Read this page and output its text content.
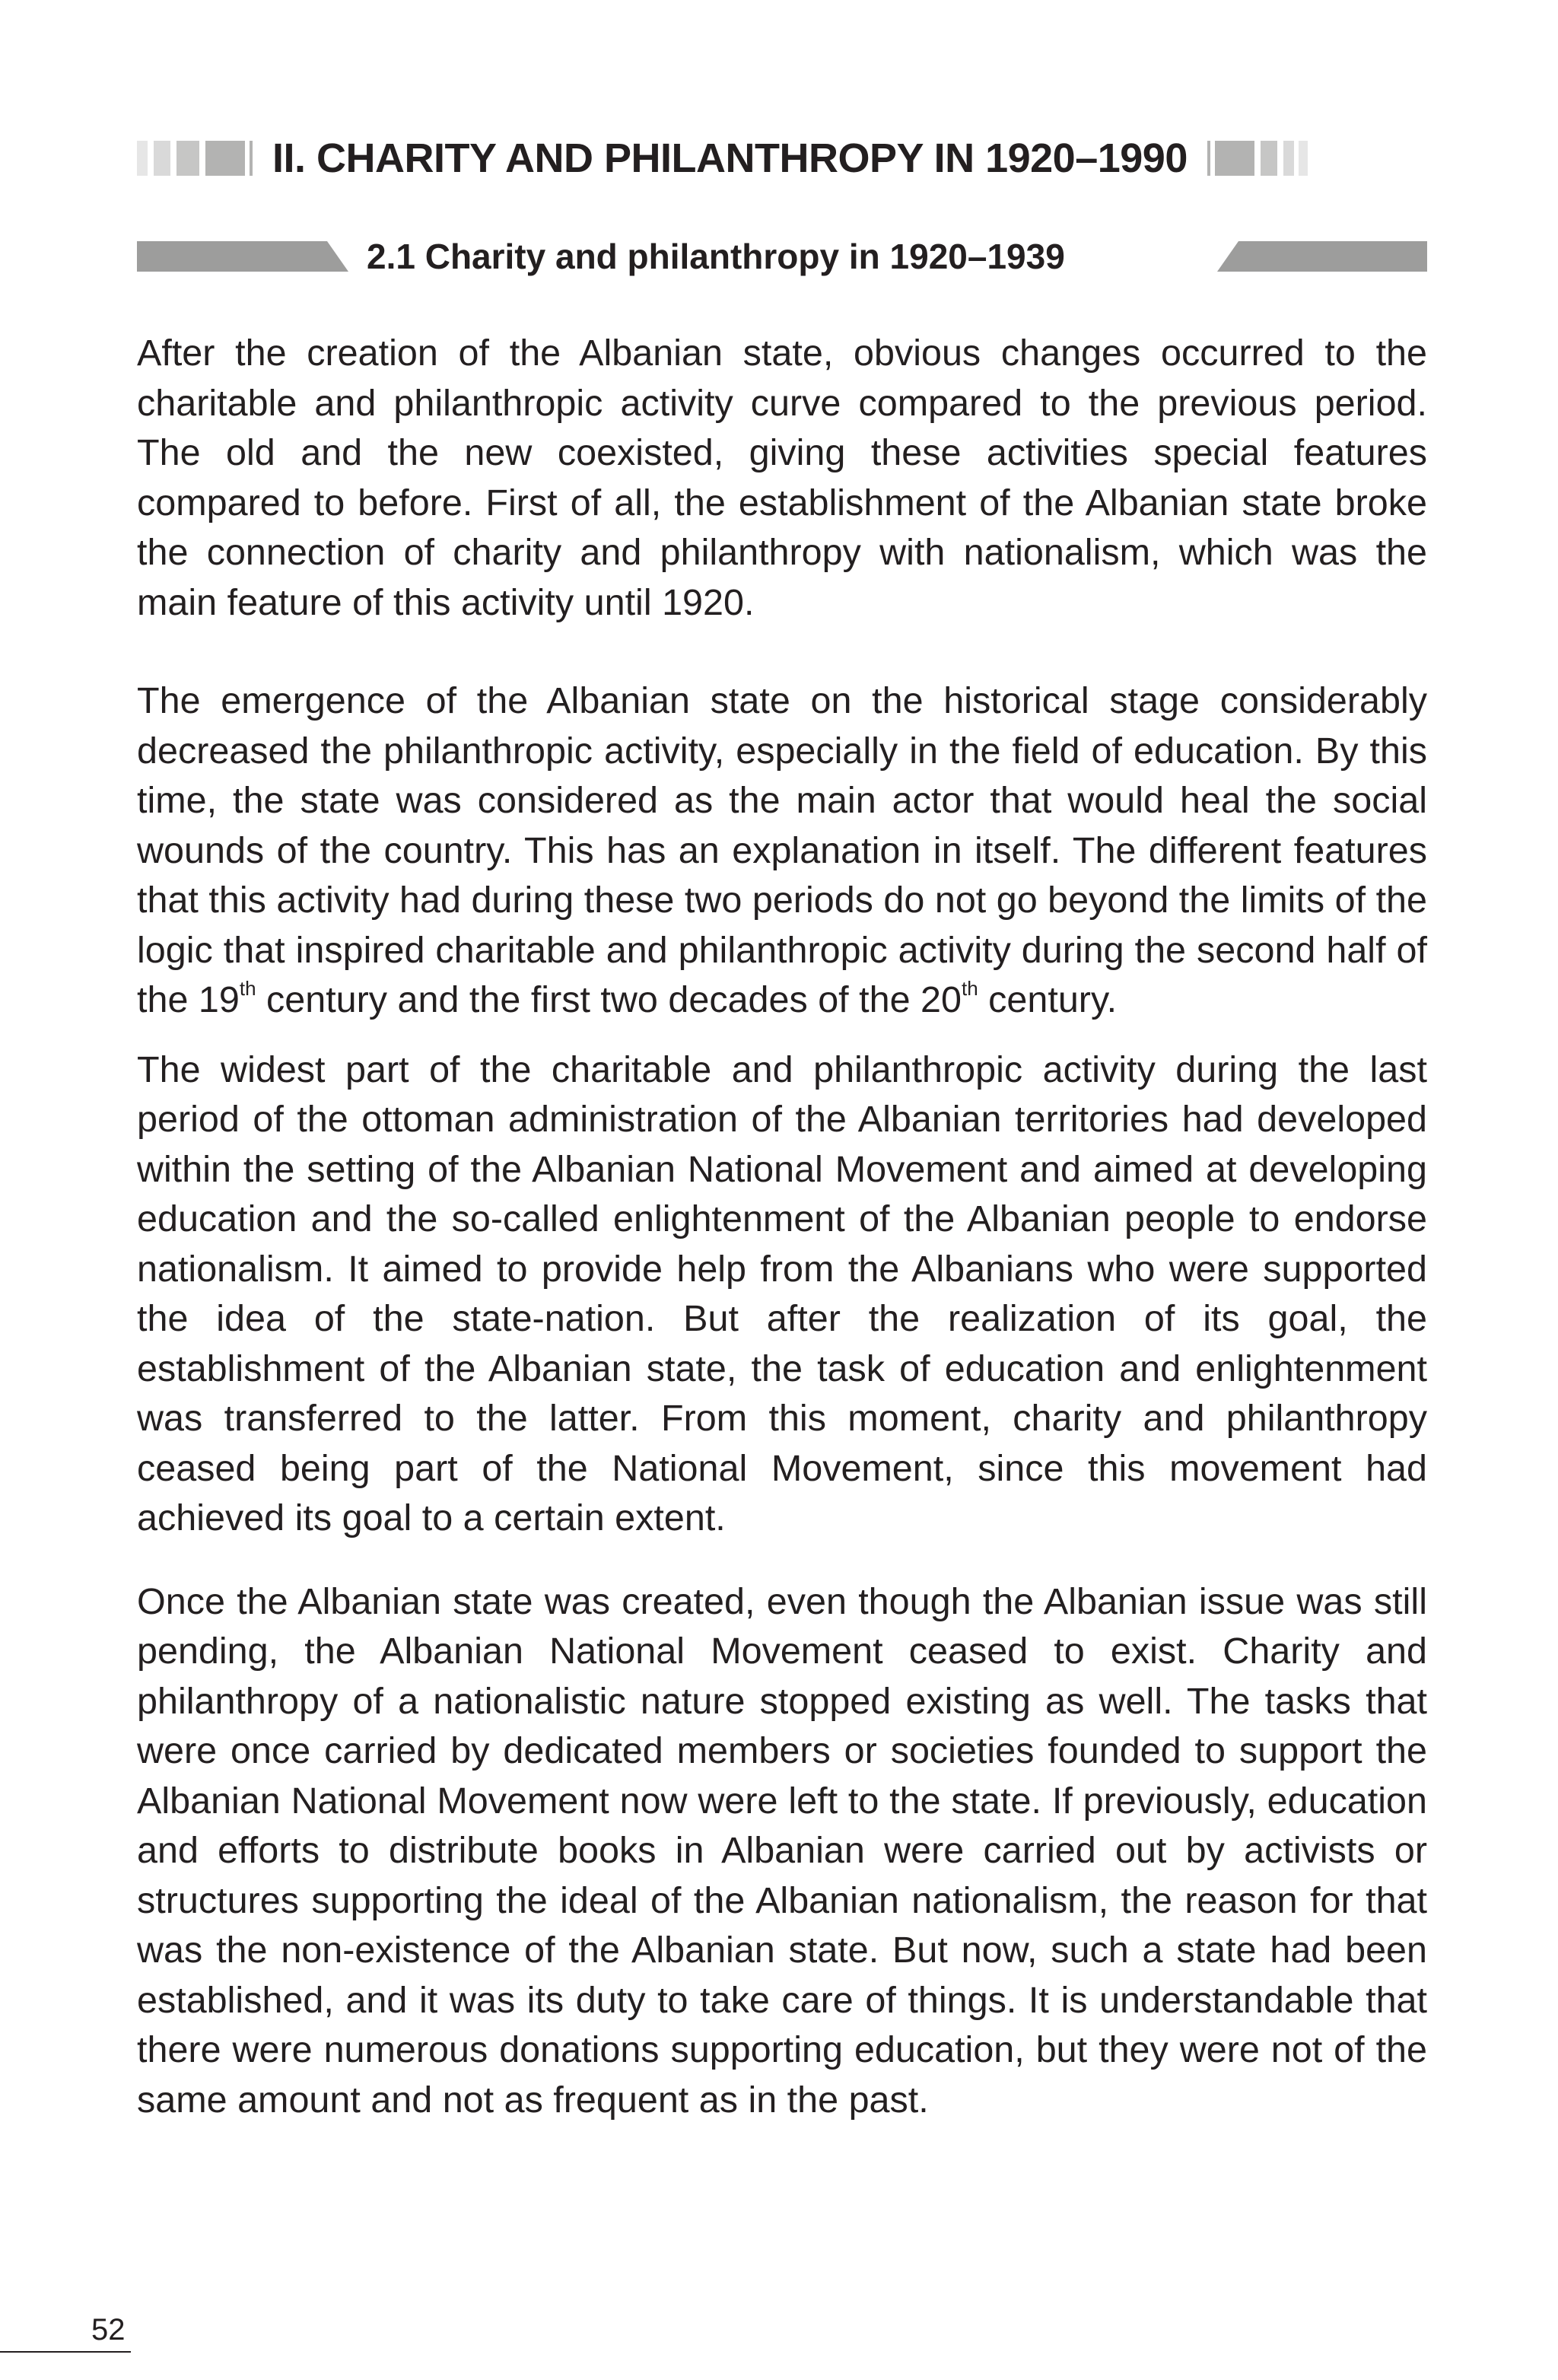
II. CHARITY AND PHILANTHROPY IN 1920–1990
2.1 Charity and philanthropy in 1920–1939

After the creation of the Albanian state, obvious changes occurred to the charitable and philanthropic activity curve compared to the previous period. The old and the new coexisted, giving these activities special features compared to before. First of all, the establishment of the Albanian state broke the connection of charity and philanthropy with nationalism, which was the main feature of this activity until 1920.

The emergence of the Albanian state on the historical stage considerably decreased the philanthropic activity, especially in the field of education. By this time, the state was considered as the main actor that would heal the social wounds of the country. This has an explanation in itself. The different features that this activity had during these two periods do not go beyond the limits of the logic that inspired charitable and philanthropic activity during the second half of the 19th century and the first two decades of the 20th century.

The widest part of the charitable and philanthropic activity during the last period of the ottoman administration of the Albanian territories had developed within the setting of the Albanian National Movement and aimed at developing education and the so-called enlightenment of the Albanian people to endorse nationalism. It aimed to provide help from the Albanians who were supported the idea of the state-nation. But after the realization of its goal, the establishment of the Albanian state, the task of education and enlightenment was transferred to the latter. From this moment, charity and philanthropy ceased being part of the National Movement, since this movement had achieved its goal to a certain extent.

Once the Albanian state was created, even though the Albanian issue was still pending, the Albanian National Movement ceased to exist. Charity and philanthropy of a nationalistic nature stopped existing as well. The tasks that were once carried by dedicated members or societies founded to support the Albanian National Movement now were left to the state. If previously, education and efforts to distribute books in Albanian were carried out by activists or structures supporting the ideal of the Albanian nationalism, the reason for that was the non-existence of the Albanian state. But now, such a state had been established, and it was its duty to take care of things. It is understandable that there were numerous donations supporting education, but they were not of the same amount and not as frequent as in the past.

52
